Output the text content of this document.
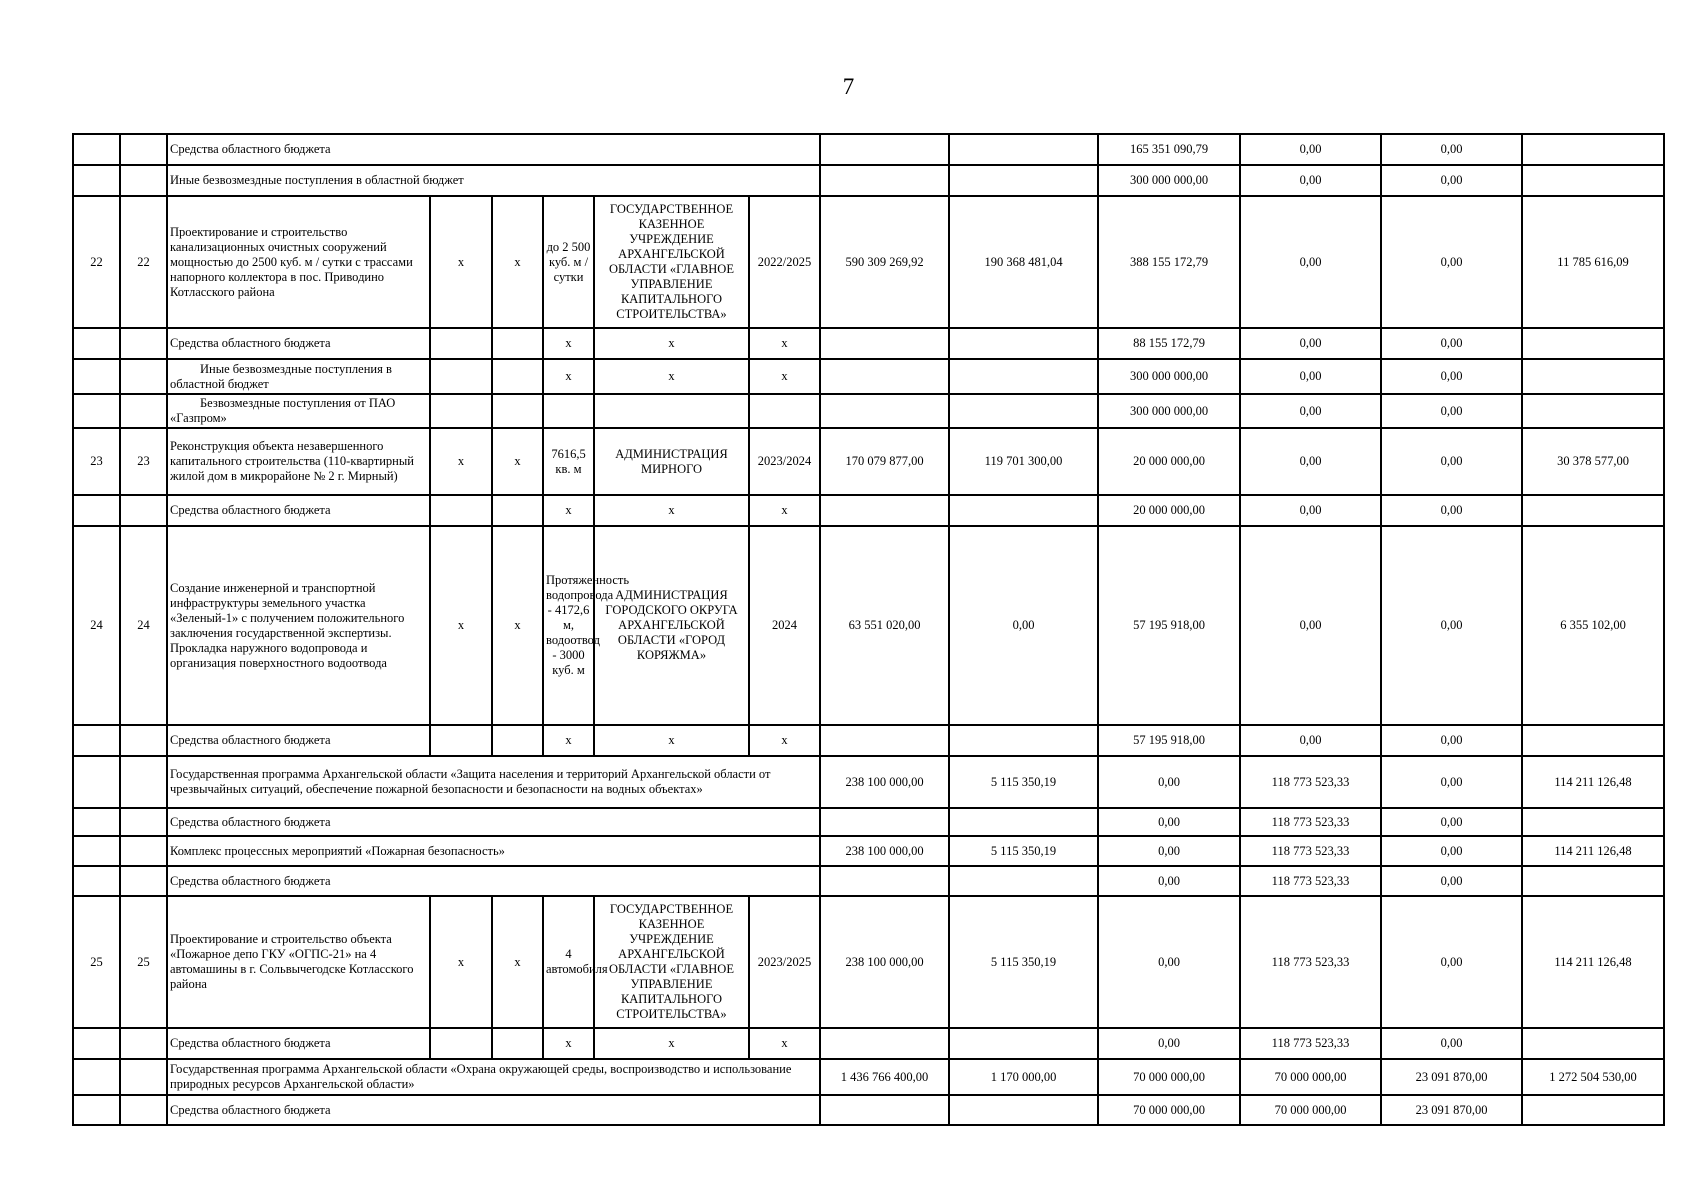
7
		Средства областного бюджета								165 351 090,79	0,00	0,00	
		Иные безвозмездные поступления в областной бюджет								300 000 000,00	0,00	0,00	
22	22	Проектирование и строительство канализационных очистных сооружений мощностью до 2500 куб. м / сутки с трассами напорного коллектора в пос. Приводино Котласского района	x	x	до 2 500 куб. м / сутки	ГОСУДАРСТВЕННОЕ КАЗЕННОЕ УЧРЕЖДЕНИЕ АРХАНГЕЛЬСКОЙ ОБЛАСТИ «ГЛАВНОЕ УПРАВЛЕНИЕ КАПИТАЛЬНОГО СТРОИТЕЛЬСТВА»	2022/2025	590 309 269,92	190 368 481,04	388 155 172,79	0,00	0,00	11 785 616,09
		Средства областного бюджета			x	x	x			88 155 172,79	0,00	0,00	
		Иные безвозмездные поступления в областной бюджет			x	x	x			300 000 000,00	0,00	0,00	
		Безвозмездные поступления от ПАО «Газпром»								300 000 000,00	0,00	0,00	
23	23	Реконструкция объекта незавершенного капитального строительства (110-квартирный жилой дом в микрорайоне № 2 г. Мирный)	x	x	7616,5 кв. м	АДМИНИСТРАЦИЯ МИРНОГО	2023/2024	170 079 877,00	119 701 300,00	20 000 000,00	0,00	0,00	30 378 577,00
		Средства областного бюджета			x	x	x			20 000 000,00	0,00	0,00	
24	24	Создание инженерной и транспортной инфраструктуры земельного участка «Зеленый-1» с получением положительного заключения государственной экспертизы. Прокладка наружного водопровода и организация поверхностного водоотвода	x	x	Протяженность водопровода - 4172,6 м, водоотвод - 3000 куб. м	АДМИНИСТРАЦИЯ ГОРОДСКОГО ОКРУГА АРХАНГЕЛЬСКОЙ ОБЛАСТИ «ГОРОД КОРЯЖМА»	2024	63 551 020,00	0,00	57 195 918,00	0,00	0,00	6 355 102,00
		Средства областного бюджета			x	x	x			57 195 918,00	0,00	0,00	
		Государственная программа Архангельской области «Защита населения и территорий Архангельской области от чрезвычайных ситуаций, обеспечение пожарной безопасности и безопасности на водных объектах»						238 100 000,00	5 115 350,19	0,00	118 773 523,33	0,00	114 211 126,48
		Средства областного бюджета								0,00	118 773 523,33	0,00	
		Комплекс процессных мероприятий «Пожарная безопасность»						238 100 000,00	5 115 350,19	0,00	118 773 523,33	0,00	114 211 126,48
		Средства областного бюджета								0,00	118 773 523,33	0,00	
25	25	Проектирование и строительство объекта «Пожарное депо ГКУ «ОГПС-21» на 4 автомашины в г. Сольвычегодске Котласского района	x	x	4 автомобиля	ГОСУДАРСТВЕННОЕ КАЗЕННОЕ УЧРЕЖДЕНИЕ АРХАНГЕЛЬСКОЙ ОБЛАСТИ «ГЛАВНОЕ УПРАВЛЕНИЕ КАПИТАЛЬНОГО СТРОИТЕЛЬСТВА»	2023/2025	238 100 000,00	5 115 350,19	0,00	118 773 523,33	0,00	114 211 126,48
		Средства областного бюджета			x	x	x			0,00	118 773 523,33	0,00	
		Государственная программа Архангельской области «Охрана окружающей среды, воспроизводство и использование природных ресурсов Архангельской области»						1 436 766 400,00	1 170 000,00	70 000 000,00	70 000 000,00	23 091 870,00	1 272 504 530,00
		Средства областного бюджета								70 000 000,00	70 000 000,00	23 091 870,00	
